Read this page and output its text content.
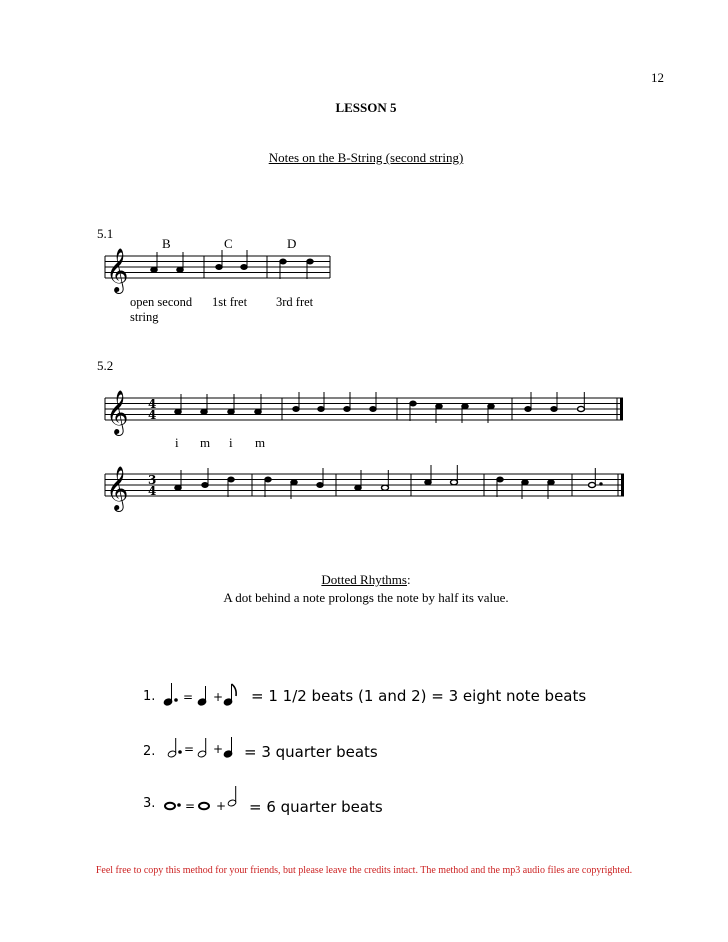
12
LESSON 5
Notes on the B-String (second string)
5.1
B	C	D
𝄞
open second string
1st fret 3rd fret
5.2
𝄞 4
4
i m i m
𝄞 3
4
Dotted Rhythms:
A dot behind a note prolongs the note by half its value.
1. = + = 1 1/2 beats (1 and 2) = 3 eight note beats
2. = + = 3 quarter beats
3. = + = 6 quarter beats
Feel free to copy this method for your friends, but please leave the credits intact. The method and the mp3 audio files are copyrighted.
